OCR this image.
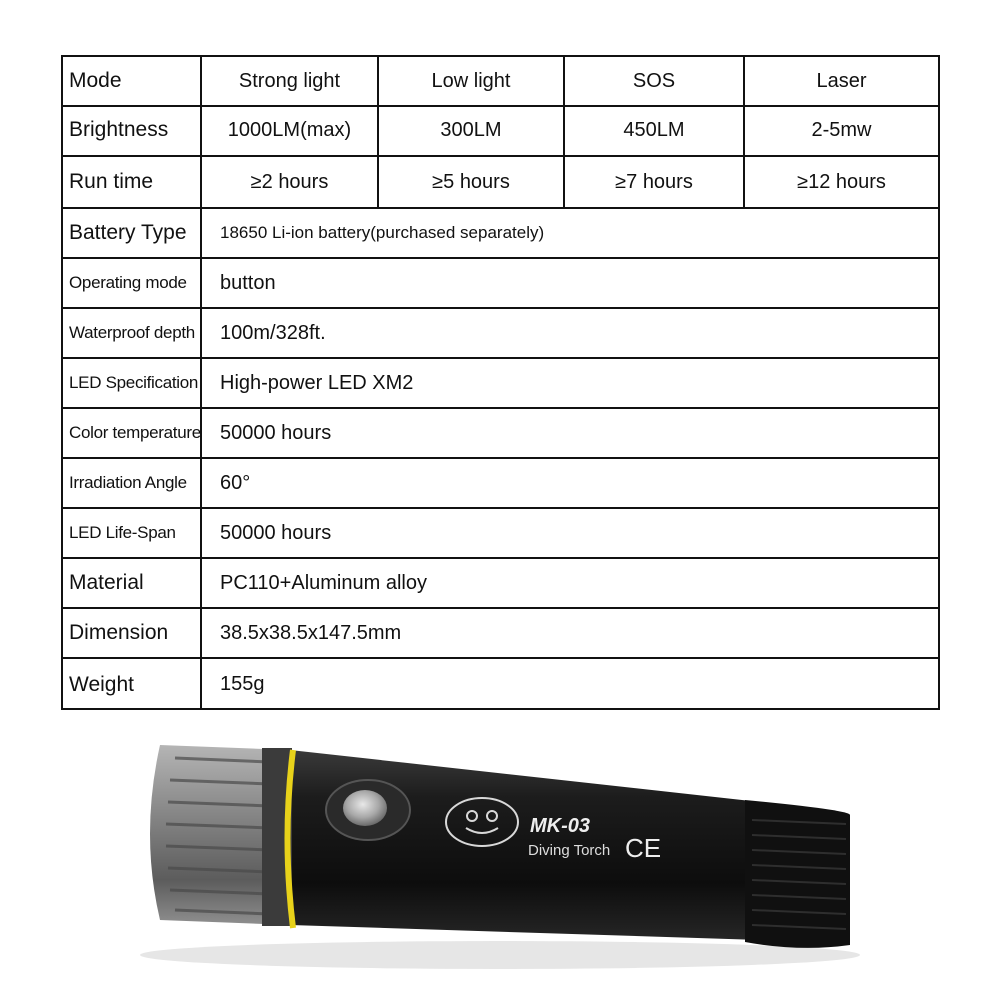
Mode	Strong light	Low light	SOS	Laser
Brightness	1000LM(max)	300LM	450LM	2-5mw
Run time	≥2 hours	≥5 hours	≥7 hours	≥12 hours
Battery Type	18650 Li-ion battery(purchased separately)
Operating mode	button
Waterproof depth	100m/328ft.
LED Specification	High-power LED XM2
Color temperature 50000 hours
Irradiation Angle	60°
LED Life-Span	50000 hours
Material	PC110+Aluminum alloy
Dimension	38.5x38.5x147.5mm
Weight	155g
MK-03
Diving Torch CE
